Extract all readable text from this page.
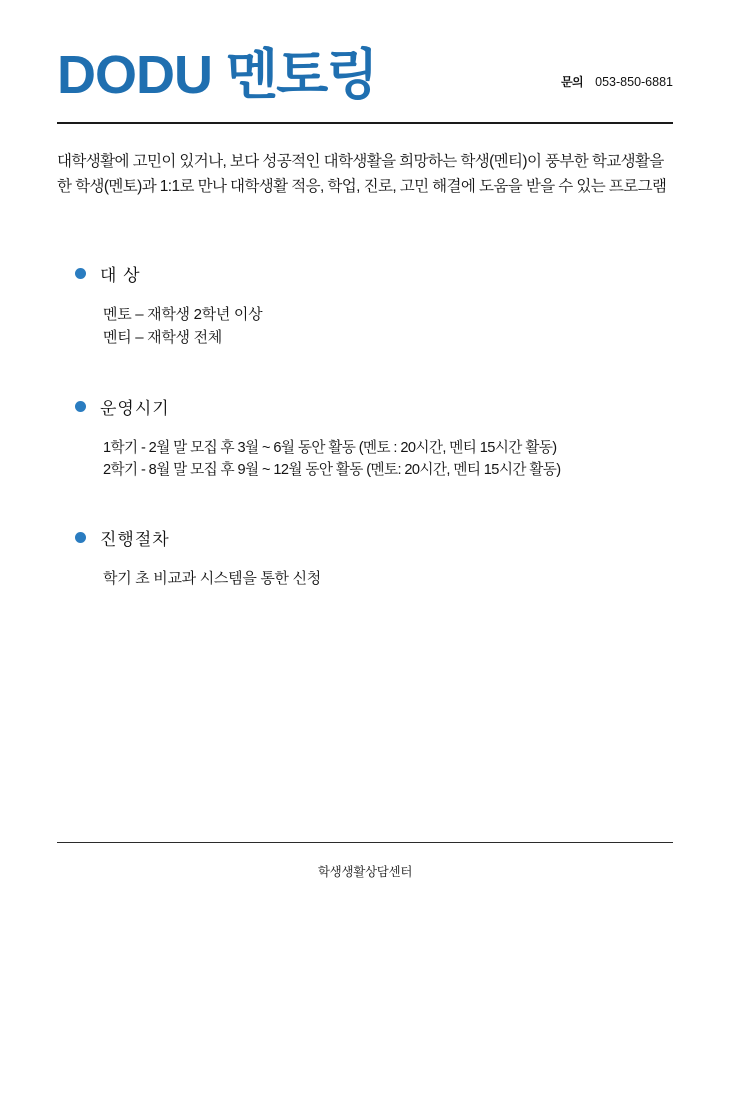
DODU 멘토링	문의 053-850-6881

대학생활에 고민이 있거나, 보다 성공적인 대학생활을 희망하는 학생(멘티)이 풍부한 학교생활을 한 학생(멘토)과 1:1로 만나 대학생활 적응, 학업, 진로, 고민 해결에 도움을 받을 수 있는 프로그램

대 상
멘토 – 재학생 2학년 이상
멘티 – 재학생 전체
운영시기
1학기 - 2월 말 모집 후 3월 ~ 6월 동안 활동 (멘토 : 20시간, 멘티 15시간 활동)
2학기 - 8월 말 모집 후 9월 ~ 12월 동안 활동 (멘토: 20시간, 멘티 15시간 활동)
진행절차
학기 초 비교과 시스템을 통한 신청
학생생활상담센터
